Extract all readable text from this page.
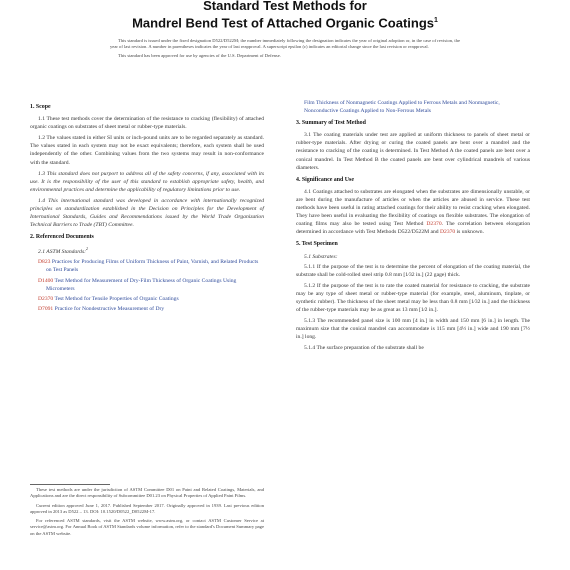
Standard Test Methods for
Mandrel Bend Test of Attached Organic Coatings$^1$

This standard is issued under the fixed designation D522/D522M; the number immediately following the designation indicates the year of original adoption or, in the case of revision, the year of last revision. A number in parentheses indicates the year of last reapproval. A superscript epsilon (ε) indicates an editorial change since the last revision or reapproval.

This standard has been approved for use by agencies of the U.S. Department of Defense.

1. Scope

1.1 These test methods cover the determination of the resistance to cracking (flexibility) of attached organic coatings on substrates of sheet metal or rubber-type materials.

1.2 The values stated in either SI units or inch-pound units are to be regarded separately as standard. The values stated in each system may not be exact equivalents; therefore, each system shall be used independently of the other. Combining values from the two systems may result in non-conformance with the standard.

1.3 This standard does not purport to address all of the safety concerns, if any, associated with its use. It is the responsibility of the user of this standard to establish appropriate safety, health, and environmental practices and determine the applicability of regulatory limitations prior to use.

1.4 This international standard was developed in accordance with internationally recognized principles on standardization established in the Decision on Principles for the Development of International Standards, Guides and Recommendations issued by the World Trade Organization Technical Barriers to Trade (TBT) Committee.

2. Referenced Documents

2.1 ASTM Standards:$^2$

D823 Practices for Producing Films of Uniform Thickness of Paint, Varnish, and Related Products on Test Panels

D1400 Test Method for Measurement of Dry-Film Thickness of Organic Coatings Using Micrometers

D2370 Test Method for Tensile Properties of Organic Coatings

D7091 Practice for Nondestructive Measurement of Dry

These test methods are under the jurisdiction of ASTM Committee D01 on Paint and Related Coatings, Materials, and Applications and are the direct responsibility of Subcommittee D01.23 on Physical Properties of Applied Paint Films.

Current edition approved June 1, 2017. Published September 2017. Originally approved in 1939. Last previous edition approved in 2013 as D522 – 13. DOI: 10.1520/D0522_D0522M-17.

For referenced ASTM standards, visit the ASTM website, www.astm.org, or contact ASTM Customer Service at service@astm.org. For Annual Book of ASTM Standards volume information, refer to the standard's Document Summary page on the ASTM website.

Film Thickness of Nonmagnetic Coatings Applied to Ferrous Metals and Nonmagnetic, Nonconductive Coatings Applied to Non-Ferrous Metals

3. Summary of Test Method

3.1 The coating materials under test are applied at uniform thickness to panels of sheet metal or rubber-type materials. After drying or curing the coated panels are bent over a mandrel and the resistance to cracking of the coating is determined. In Test Method A the coated panels are bent over a conical mandrel. In Test Method B the coated panels are bent over cylindrical mandrels of various diameters.

4. Significance and Use

4.1 Coatings attached to substrates are elongated when the substrates are dimensionally unstable, or are bent during the manufacture of articles or when the articles are abused in service. These test methods have been useful in rating attached coatings for their ability to resist cracking when elongated. They have been useful in evaluating the flexibility of coatings on flexible substrates. The elongation of coating films may also be tested using Test Method D2370. The correlation between elongation determined in accordance with Test Methods D522/D522M and D2370 is unknown.

5. Test Specimen

5.1 Substrates:

5.1.1 If the purpose of the test is to determine the percent of elongation of the coating material, the substrate shall be cold-rolled steel strip 0.8 mm [1⁄32 in.] (22 gage) thick.

5.1.2 If the purpose of the test is to rate the coated material for resistance to cracking, the substrate may be any type of sheet metal or rubber-type material (for example, steel, aluminum, tinplate, or synthetic rubber). The thickness of the sheet metal may be less than 0.8 mm [1⁄32 in.] and the thickness of the rubber-type materials may be as great as 13 mm [1⁄2 in.].

5.1.3 The recommended panel size is 100 mm [4 in.] in width and 150 mm [6 in.] in length. The maximum size that the conical mandrel can accommodate is 115 mm [4½ in.] wide and 190 mm [7½ in.] long.

5.1.4 The surface preparation of the substrate shall be
